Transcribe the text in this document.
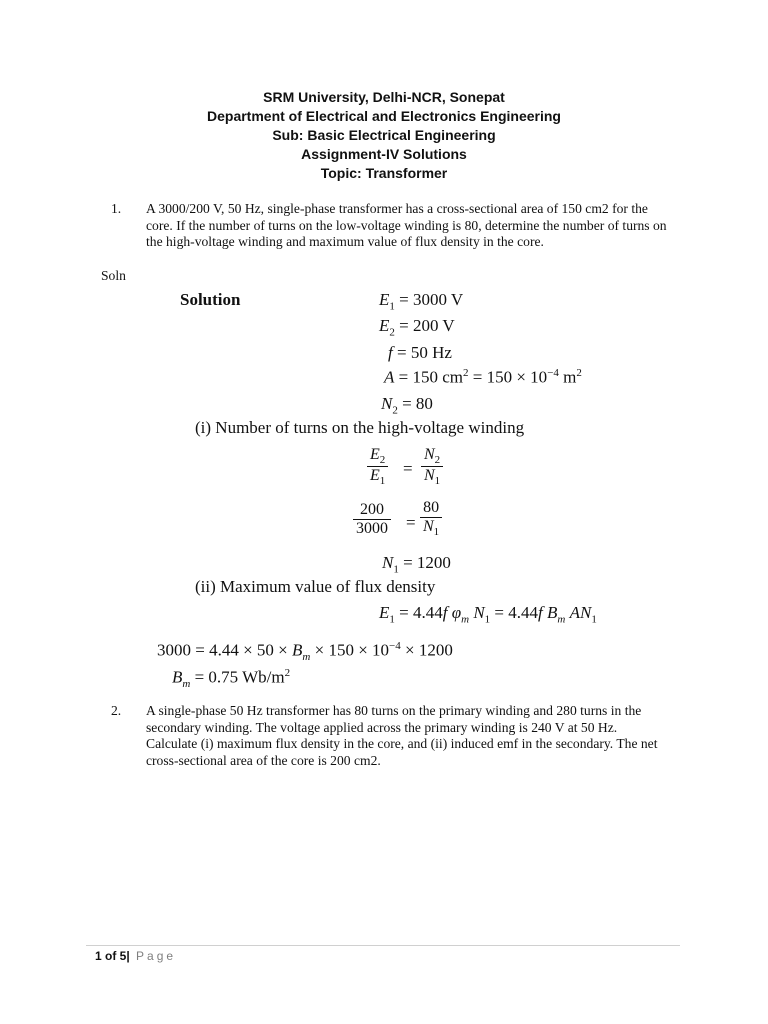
SRM University, Delhi-NCR, Sonepat
Department of Electrical and Electronics Engineering
Sub: Basic Electrical Engineering
Assignment-IV Solutions
Topic: Transformer
1. A 3000/200 V, 50 Hz, single-phase transformer has a cross-sectional area of 150 cm2 for the core. If the number of turns on the low-voltage winding is 80, determine the number of turns on the high-voltage winding and maximum value of flux density in the core.
Soln
Solution	$E_1 = 3000$ V
$E_2 = 200$ V
f = 50 Hz
A = 150 $cm^2 = 150 \times 10^{-4}$ $m^2$
$N_2 = 80$
(i) Number of turns on the high-voltage winding
$\frac{E_2}{E_1} = \frac{N_2}{N_1}$
$\frac{200}{3000} = \frac{80}{N_1}$
$N_1 = 1200$
(ii) Maximum value of flux density
$E_1 = 4.44f$ $\varphi_m$ $N_1 = 4.44f$ $B_m$ $AN_1$
$3000 = 4.44 \times 50 \times B_m \times 150 \times 10^{-4} \times 1200$
$B_m = 0.75$ $Wb/m^2$
2. A single-phase 50 Hz transformer has 80 turns on the primary winding and 280 turns in the secondary winding. The voltage applied across the primary winding is 240 V at 50 Hz. Calculate (i) maximum flux density in the core, and (ii) induced emf in the secondary. The net cross-sectional area of the core is 200 cm2.
1 of 5| Page
